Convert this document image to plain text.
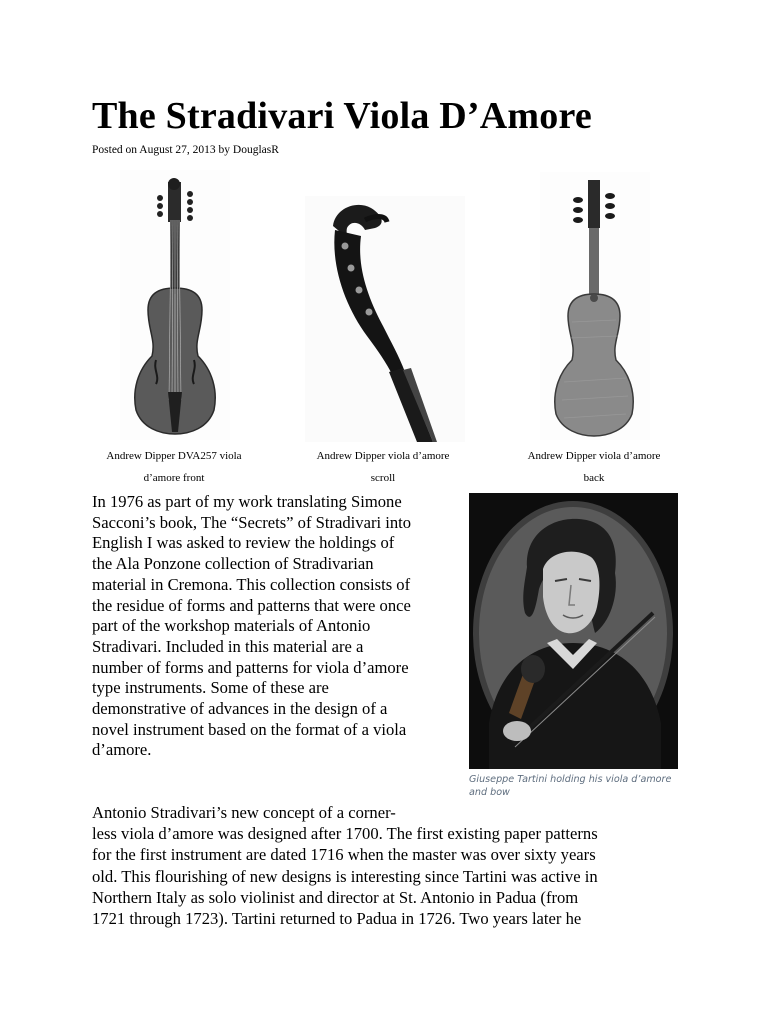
The Stradivari Viola D’Amore
Posted on August 27, 2013 by DouglasR
Andrew Dipper DVA257 viola
d’amore front
Andrew Dipper viola d’amore
scroll
Andrew Dipper viola d’amore
back
In 1976 as part of my work translating Simone
Sacconi’s book, The “Secrets” of Stradivari into
English I was asked to review the holdings of
the Ala Ponzone collection of Stradivarian
material in Cremona. This collection consists of
the residue of forms and patterns that were once
part of the workshop materials of Antonio
Stradivari. Included in this material are a
number of forms and patterns for viola d’amore
type instruments. Some of these are
demonstrative of advances in the design of a
novel instrument based on the format of a viola
d’amore.
Giuseppe Tartini holding his viola d’amore
and bow
Antonio Stradivari’s new concept of a corner-
less viola d’amore was designed after 1700. The first existing paper patterns
for the first instrument are dated 1716 when the master was over sixty years
old. This flourishing of new designs is interesting since Tartini was active in
Northern Italy as solo violinist and director at St. Antonio in Padua (from
1721 through 1723). Tartini returned to Padua in 1726. Two years later he
